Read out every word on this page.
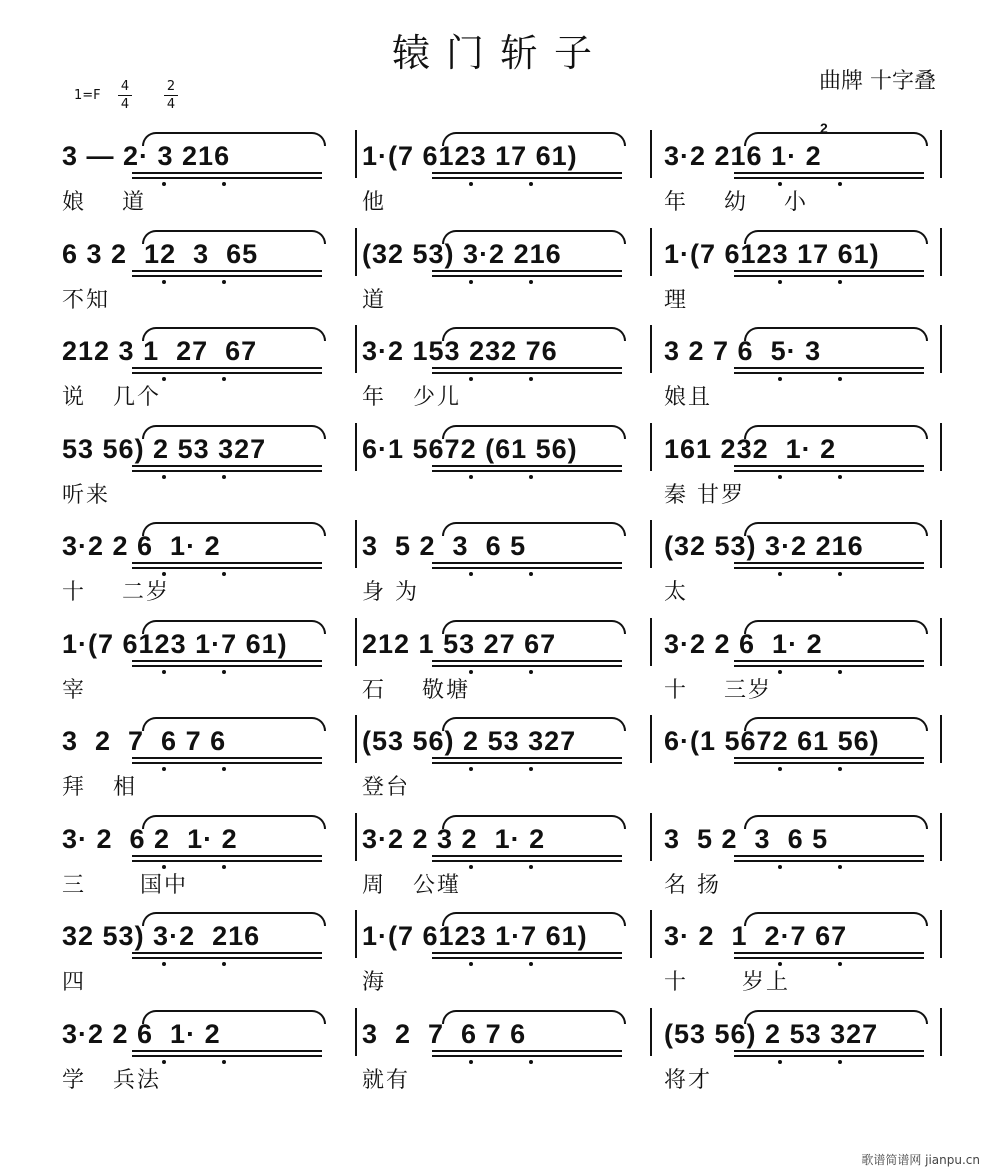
辕门斩子
曲牌 十字叠
$1=F \frac{4}{4} \frac{2}{4}$
3 — 2· 3 216	1·(7 6123 17 61)	3·2 216 1· 2
娘    道	他	年    幼    小
2
6 3 2  12  3  65	(32 53) 3·2 216	1·(7 6123 17 61)
不知	道	理
212 3 1  27  67	3·2 153 232 76	3 2 7 6  5· 3
说   几个	年   少儿	娘且
53 56) 2 53 327	6·1 5672 (61 56)	161 232  1· 2
听来	秦 甘罗
3·2 2 6  1· 2	3  5 2  3  6 5	(32 53) 3·2 216
十    二岁	身 为	太
1·(7 6123 1·7 61)	212 1 53 27 67	3·2 2 6  1· 2
宰	石    敬塘	十    三岁
3  2  7  6 7 6	(53 56) 2 53 327	6·(1 5672 61 56)
拜   相	登台
3· 2  6 2  1· 2	3·2 2 3 2  1· 2	3  5 2  3  6 5
三      国中	周   公瑾	名 扬
32 53) 3·2  216	1·(7 6123 1·7 61)	3· 2  1  2·7 67
四	海	十      岁上
3·2 2 6  1· 2	3  2  7  6 7 6	(53 56) 2 53 327
学   兵法	就有	将才
歌谱简谱网 jianpu.cn
